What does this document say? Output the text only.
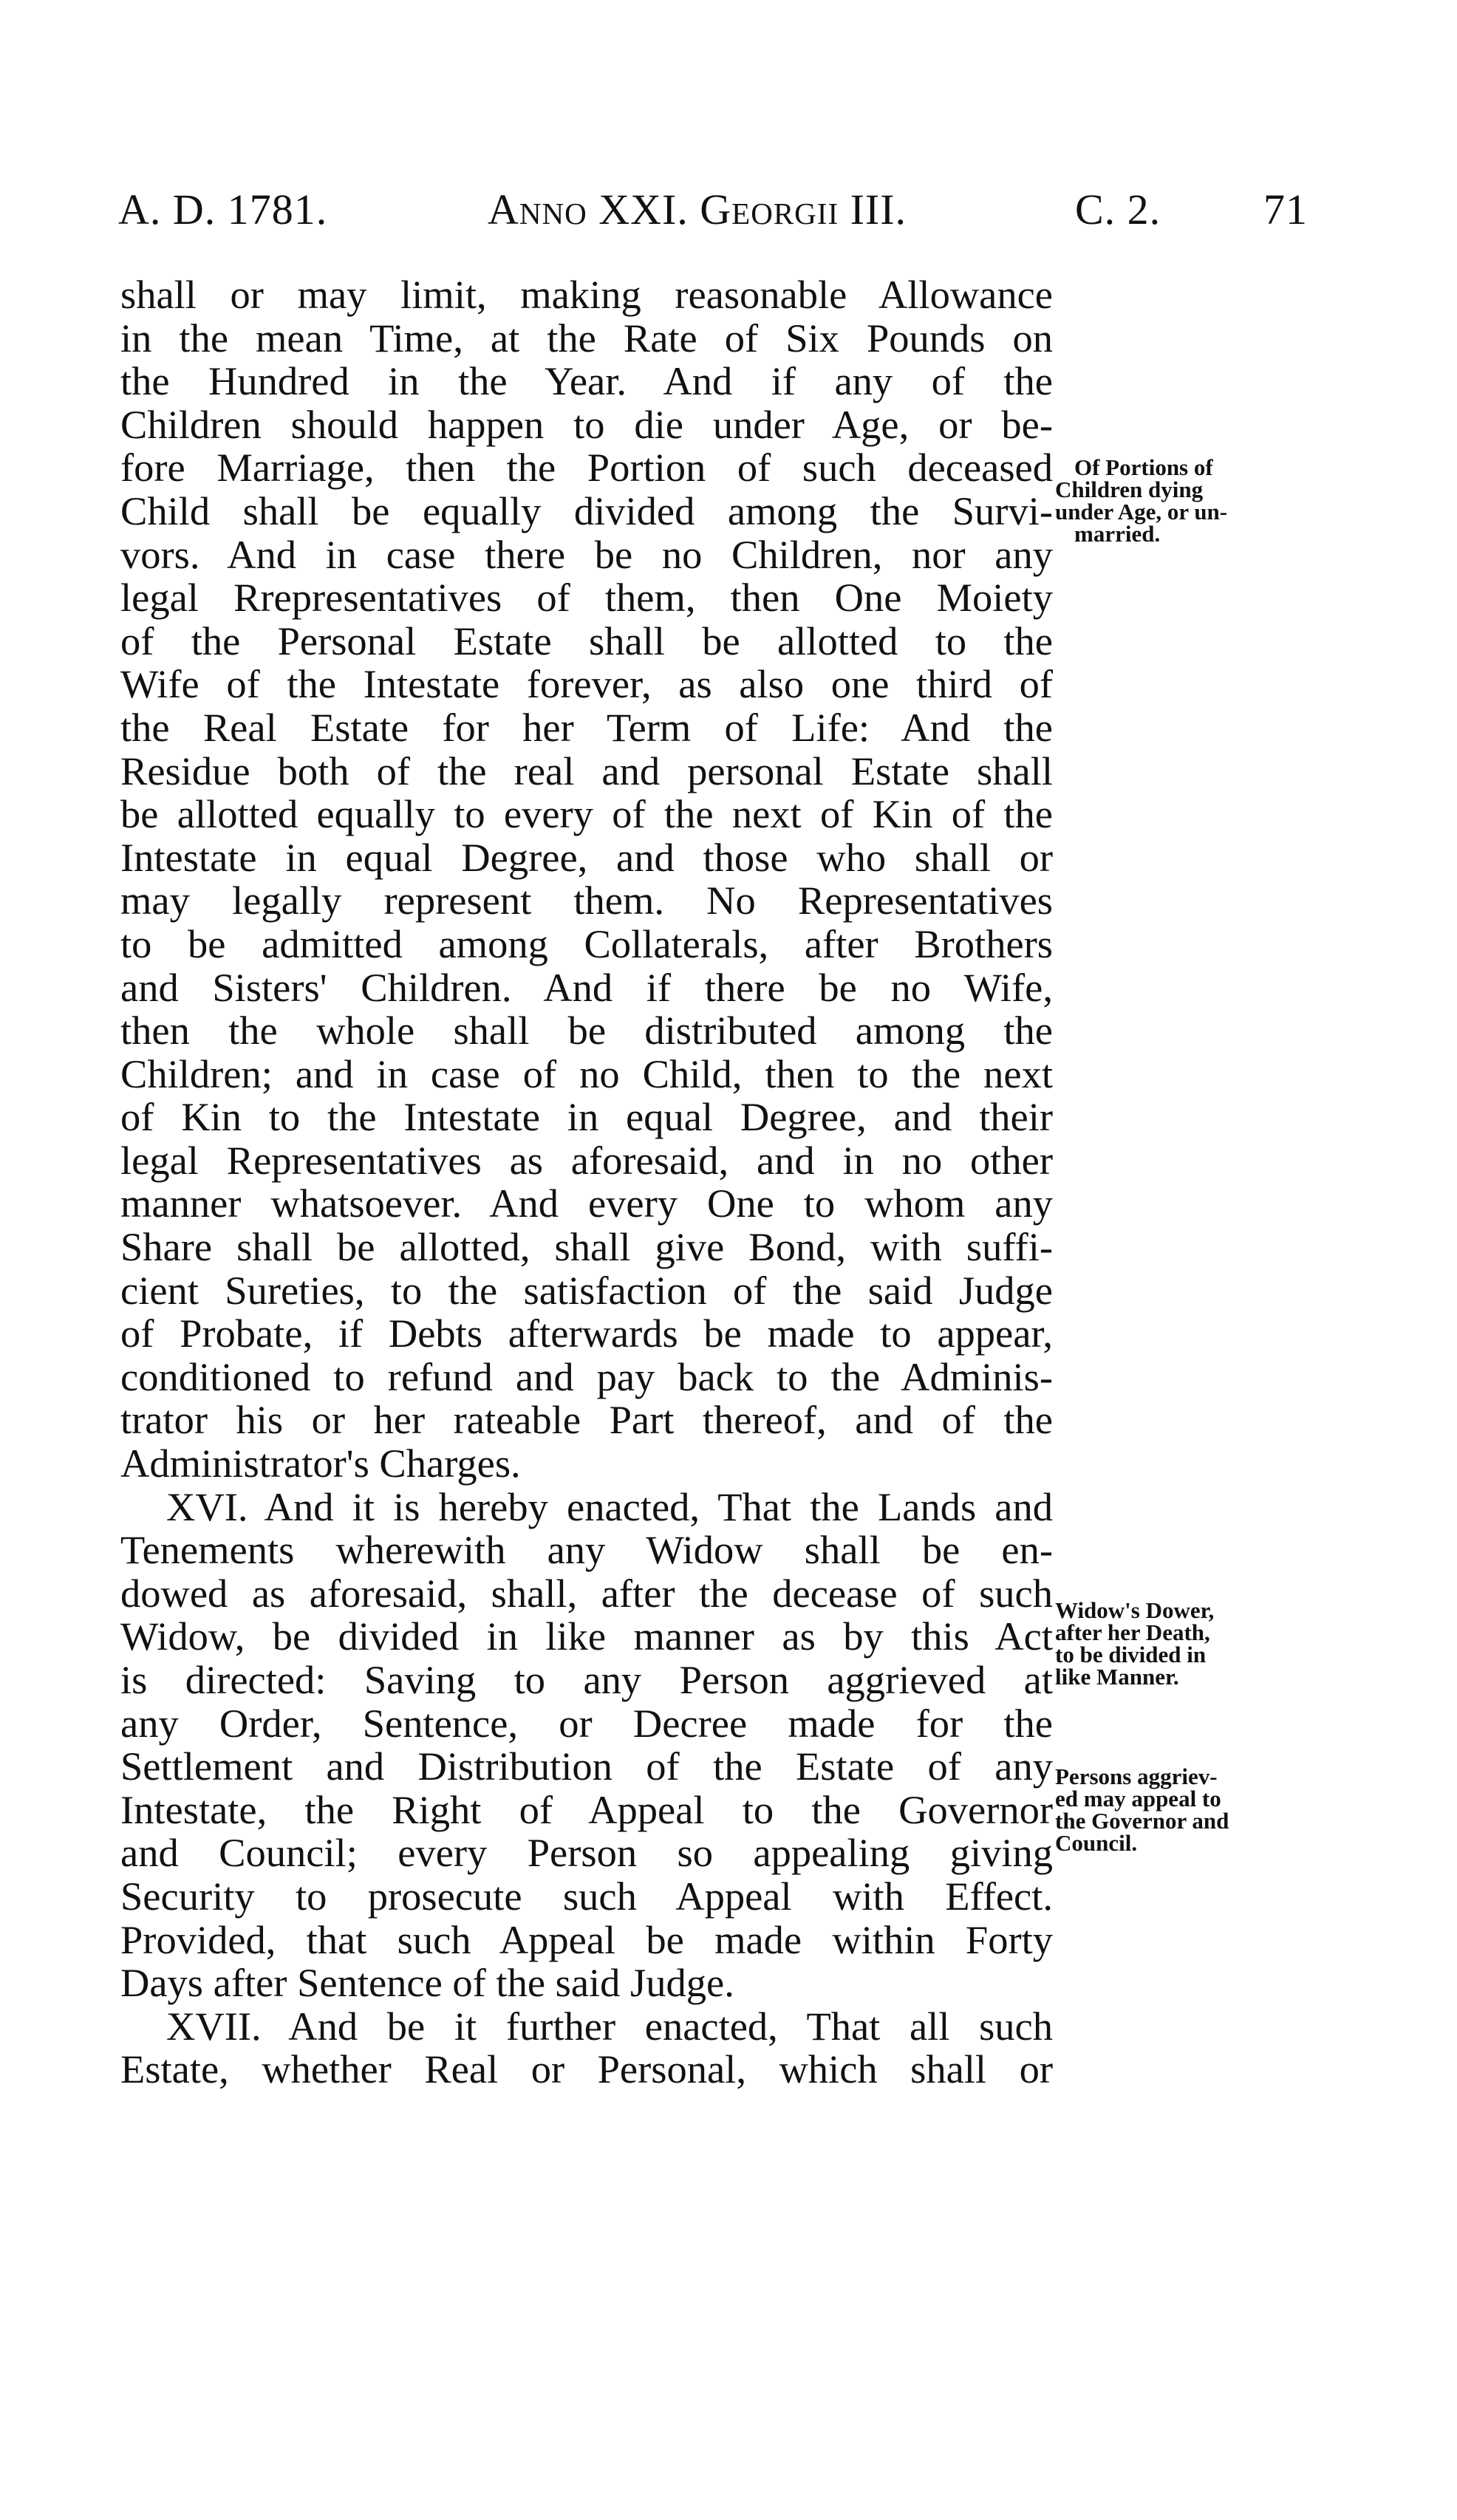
A. D. 1781.	Anno XXI. Georgii III.	C. 2. 71
shall or may limit, making reasonable Allowance
in the mean Time, at the Rate of Six Pounds on
the Hundred in the Year. And if any of the
Children should happen to die under Age, or be-
fore Marriage, then the Portion of such deceased
Child shall be equally divided among the Survi-
vors. And in case there be no Children, nor any
legal Rrepresentatives of them, then One Moiety
of the Personal Estate shall be allotted to the
Wife of the Intestate forever, as also one third of
the Real Estate for her Term of Life: And the
Residue both of the real and personal Estate shall
be allotted equally to every of the next of Kin of the
Intestate in equal Degree, and those who shall or
may legally represent them. No Representatives
to be admitted among Collaterals, after Brothers
and Sisters' Children. And if there be no Wife,
then the whole shall be distributed among the
Children; and in case of no Child, then to the next
of Kin to the Intestate in equal Degree, and their
legal Representatives as aforesaid, and in no other
manner whatsoever. And every One to whom any
Share shall be allotted, shall give Bond, with suffi-
cient Sureties, to the satisfaction of the said Judge
of Probate, if Debts afterwards be made to appear,
conditioned to refund and pay back to the Adminis-
trator his or her rateable Part thereof, and of the
Administrator's Charges.
XVI. And it is hereby enacted, That the Lands and
Tenements wherewith any Widow shall be en-
dowed as aforesaid, shall, after the decease of such
Widow, be divided in like manner as by this Act
is directed: Saving to any Person aggrieved at
any Order, Sentence, or Decree made for the
Settlement and Distribution of the Estate of any
Intestate, the Right of Appeal to the Governor
and Council; every Person so appealing giving
Security to prosecute such Appeal with Effect.
Provided, that such Appeal be made within Forty
Days after Sentence of the said Judge.
XVII. And be it further enacted, That all such
Estate, whether Real or Personal, which shall or
Of Portions of
Children dying
under Age, or un-
married.
Widow's Dower,
after her Death,
to be divided in
like Manner.
Persons aggriev-
ed may appeal to
the Governor and
Council.
